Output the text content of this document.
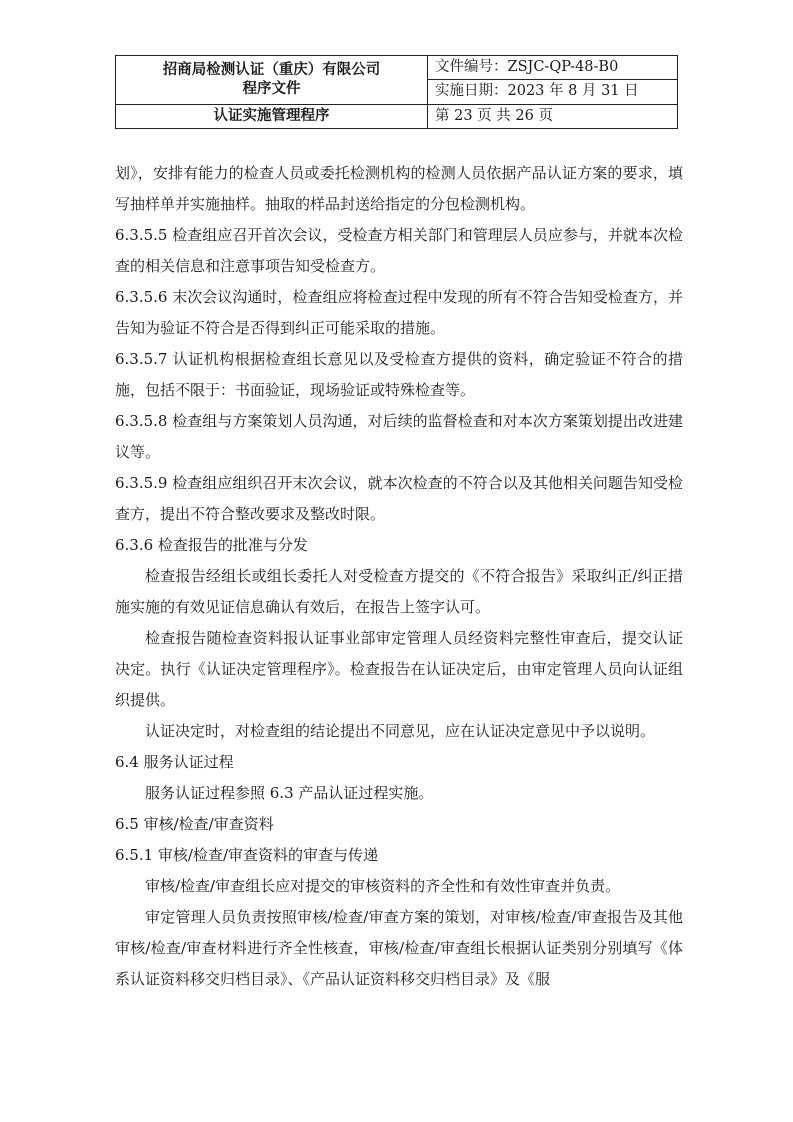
招商局检测认证（重庆）有限公司
程序文件	文件编号：ZSJC-QP-48-B0
	实施日期：2023 年 8 月 31 日
认证实施管理程序	第 23 页 共 26 页

划》，安排有能力的检查人员或委托检测机构的检测人员依据产品认证方案的要求，填写抽样单并实施抽样。抽取的样品封送给指定的分包检测机构。

6.3.5.5 检查组应召开首次会议，受检查方相关部门和管理层人员应参与，并就本次检查的相关信息和注意事项告知受检查方。

6.3.5.6 末次会议沟通时，检查组应将检查过程中发现的所有不符合告知受检查方，并告知为验证不符合是否得到纠正可能采取的措施。

6.3.5.7 认证机构根据检查组长意见以及受检查方提供的资料，确定验证不符合的措施，包括不限于：书面验证，现场验证或特殊检查等。

6.3.5.8 检查组与方案策划人员沟通，对后续的监督检查和对本次方案策划提出改进建议等。

6.3.5.9 检查组应组织召开末次会议，就本次检查的不符合以及其他相关问题告知受检查方，提出不符合整改要求及整改时限。

6.3.6 检查报告的批准与分发

检查报告经组长或组长委托人对受检查方提交的《不符合报告》采取纠正/纠正措施实施的有效见证信息确认有效后，在报告上签字认可。

检查报告随检查资料报认证事业部审定管理人员经资料完整性审查后，提交认证决定。执行《认证决定管理程序》。检查报告在认证决定后，由审定管理人员向认证组织提供。

认证决定时，对检查组的结论提出不同意见，应在认证决定意见中予以说明。

6.4 服务认证过程

服务认证过程参照 6.3 产品认证过程实施。

6.5 审核/检查/审查资料

6.5.1 审核/检查/审查资料的审查与传递

审核/检查/审查组长应对提交的审核资料的齐全性和有效性审查并负责。

审定管理人员负责按照审核/检查/审查方案的策划，对审核/检查/审查报告及其他审核/检查/审查材料进行齐全性核查，审核/检查/审查组长根据认证类别分别填写《体系认证资料移交归档目录》、《产品认证资料移交归档目录》及《服
